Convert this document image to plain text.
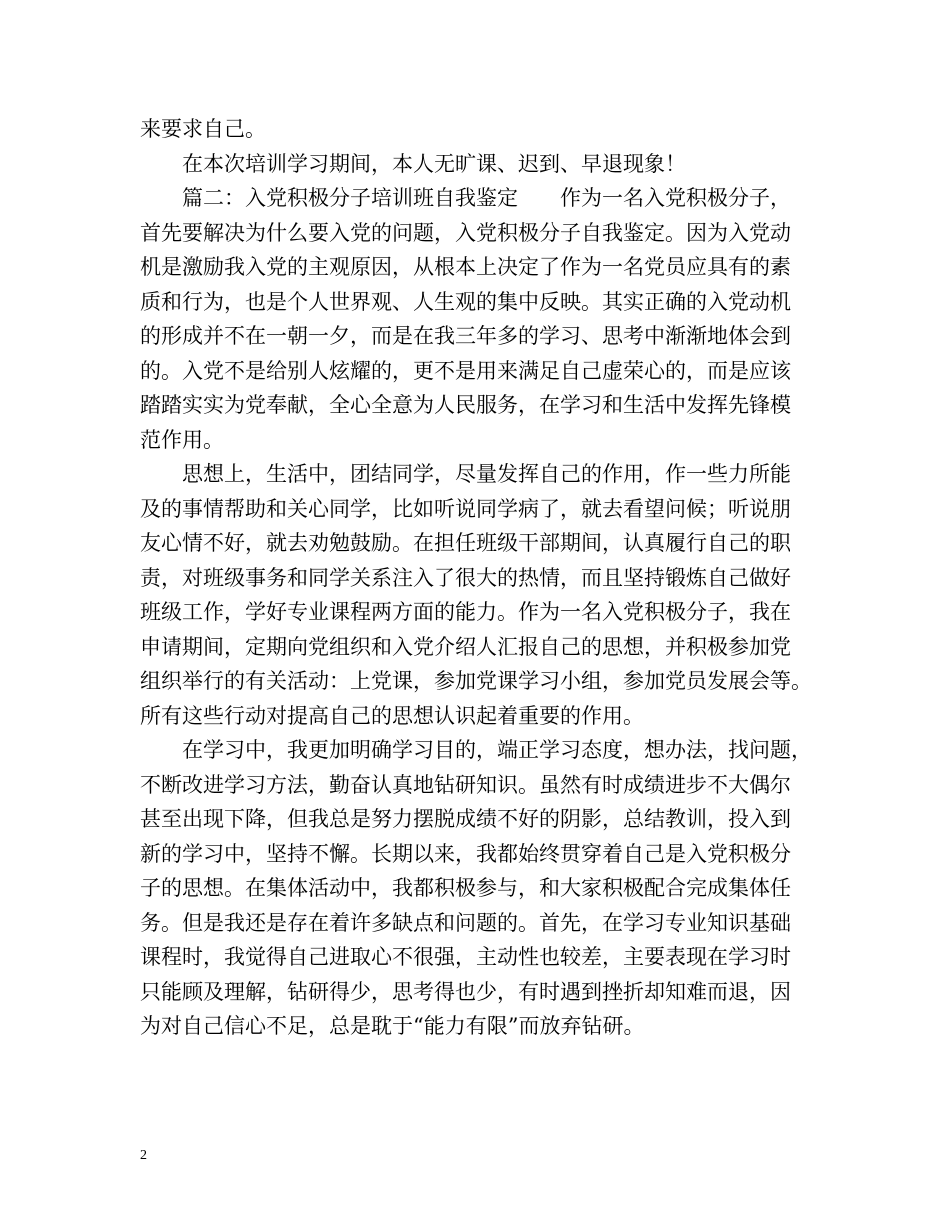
来要求自己。
在本次培训学习期间，本人无旷课、迟到、早退现象！
篇二：入党积极分子培训班自我鉴定　　作为一名入党积极分子，
首先要解决为什么要入党的问题，入党积极分子自我鉴定。因为入党动
机是激励我入党的主观原因，从根本上决定了作为一名党员应具有的素
质和行为，也是个人世界观、人生观的集中反映。其实正确的入党动机
的形成并不在一朝一夕，而是在我三年多的学习、思考中渐渐地体会到
的。入党不是给别人炫耀的，更不是用来满足自己虚荣心的，而是应该
踏踏实实为党奉献，全心全意为人民服务，在学习和生活中发挥先锋模
范作用。
思想上，生活中，团结同学，尽量发挥自己的作用，作一些力所能
及的事情帮助和关心同学，比如听说同学病了，就去看望问候；听说朋
友心情不好，就去劝勉鼓励。在担任班级干部期间，认真履行自己的职
责，对班级事务和同学关系注入了很大的热情，而且坚持锻炼自己做好
班级工作，学好专业课程两方面的能力。作为一名入党积极分子，我在
申请期间，定期向党组织和入党介绍人汇报自己的思想，并积极参加党
组织举行的有关活动：上党课，参加党课学习小组，参加党员发展会等。
所有这些行动对提高自己的思想认识起着重要的作用。
在学习中，我更加明确学习目的，端正学习态度，想办法，找问题，
不断改进学习方法，勤奋认真地钻研知识。虽然有时成绩进步不大偶尔
甚至出现下降，但我总是努力摆脱成绩不好的阴影，总结教训，投入到
新的学习中，坚持不懈。长期以来，我都始终贯穿着自己是入党积极分
子的思想。在集体活动中，我都积极参与，和大家积极配合完成集体任
务。但是我还是存在着许多缺点和问题的。首先，在学习专业知识基础
课程时，我觉得自己进取心不很强，主动性也较差，主要表现在学习时
只能顾及理解，钻研得少，思考得也少，有时遇到挫折却知难而退，因
为对自己信心不足，总是耽于“能力有限”而放弃钻研。
2
